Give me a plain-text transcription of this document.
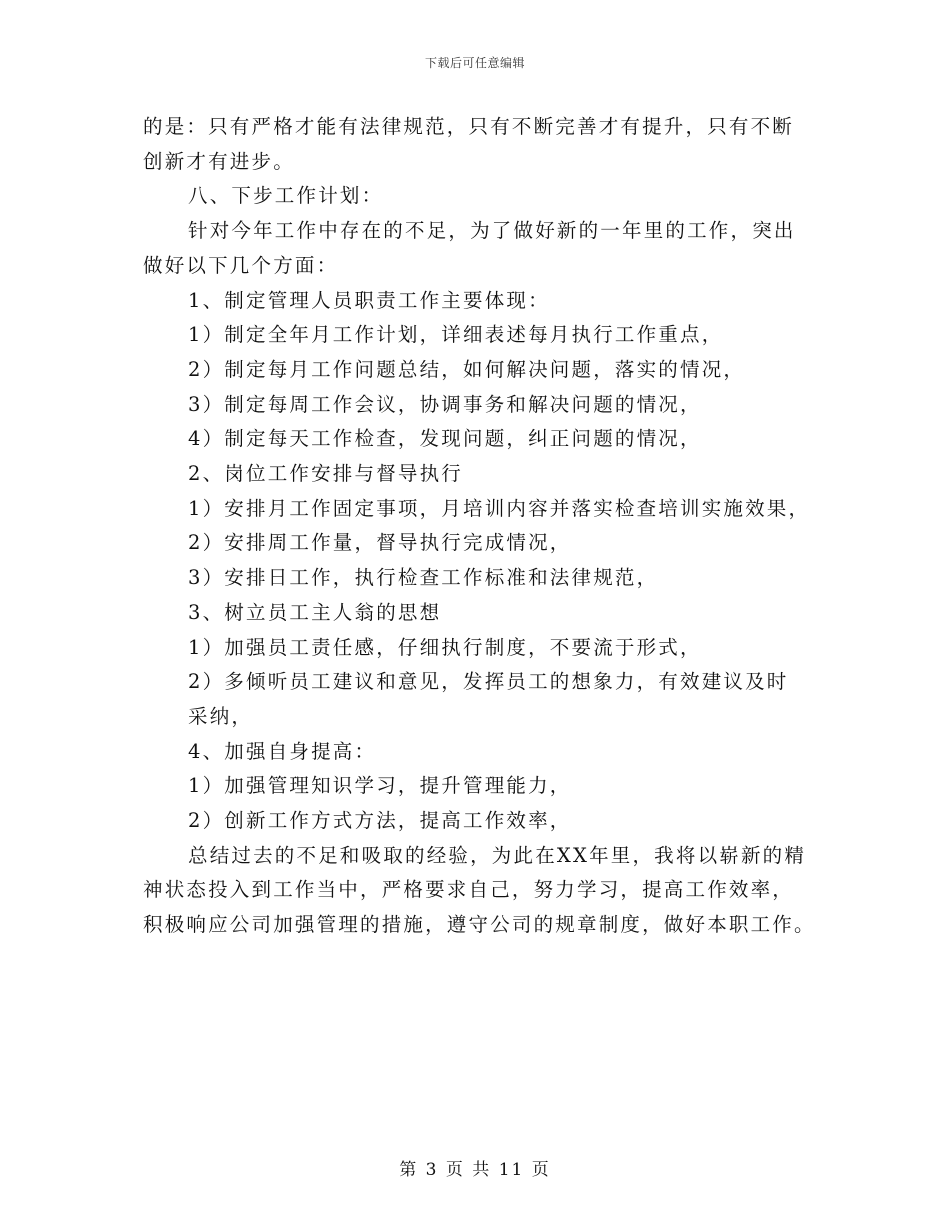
下载后可任意编辑
的是：只有严格才能有法律规范，只有不断完善才有提升，只有不断
创新才有进步。
八、下步工作计划：
针对今年工作中存在的不足，为了做好新的一年里的工作，突出
做好以下几个方面：
1、制定管理人员职责工作主要体现：
1）制定全年月工作计划，详细表述每月执行工作重点，
2）制定每月工作问题总结，如何解决问题，落实的情况，
3）制定每周工作会议，协调事务和解决问题的情况，
4）制定每天工作检查，发现问题，纠正问题的情况，
2、岗位工作安排与督导执行
1）安排月工作固定事项，月培训内容并落实检查培训实施效果，
2）安排周工作量，督导执行完成情况，
3）安排日工作，执行检查工作标准和法律规范，
3、树立员工主人翁的思想
1）加强员工责任感，仔细执行制度，不要流于形式，
2）多倾听员工建议和意见，发挥员工的想象力，有效建议及时
采纳，
4、加强自身提高：
1）加强管理知识学习，提升管理能力，
2）创新工作方式方法，提高工作效率，
总结过去的不足和吸取的经验，为此在XX年里，我将以崭新的精
神状态投入到工作当中，严格要求自己，努力学习，提高工作效率，
积极响应公司加强管理的措施，遵守公司的规章制度，做好本职工作。
第 3 页 共 11 页
